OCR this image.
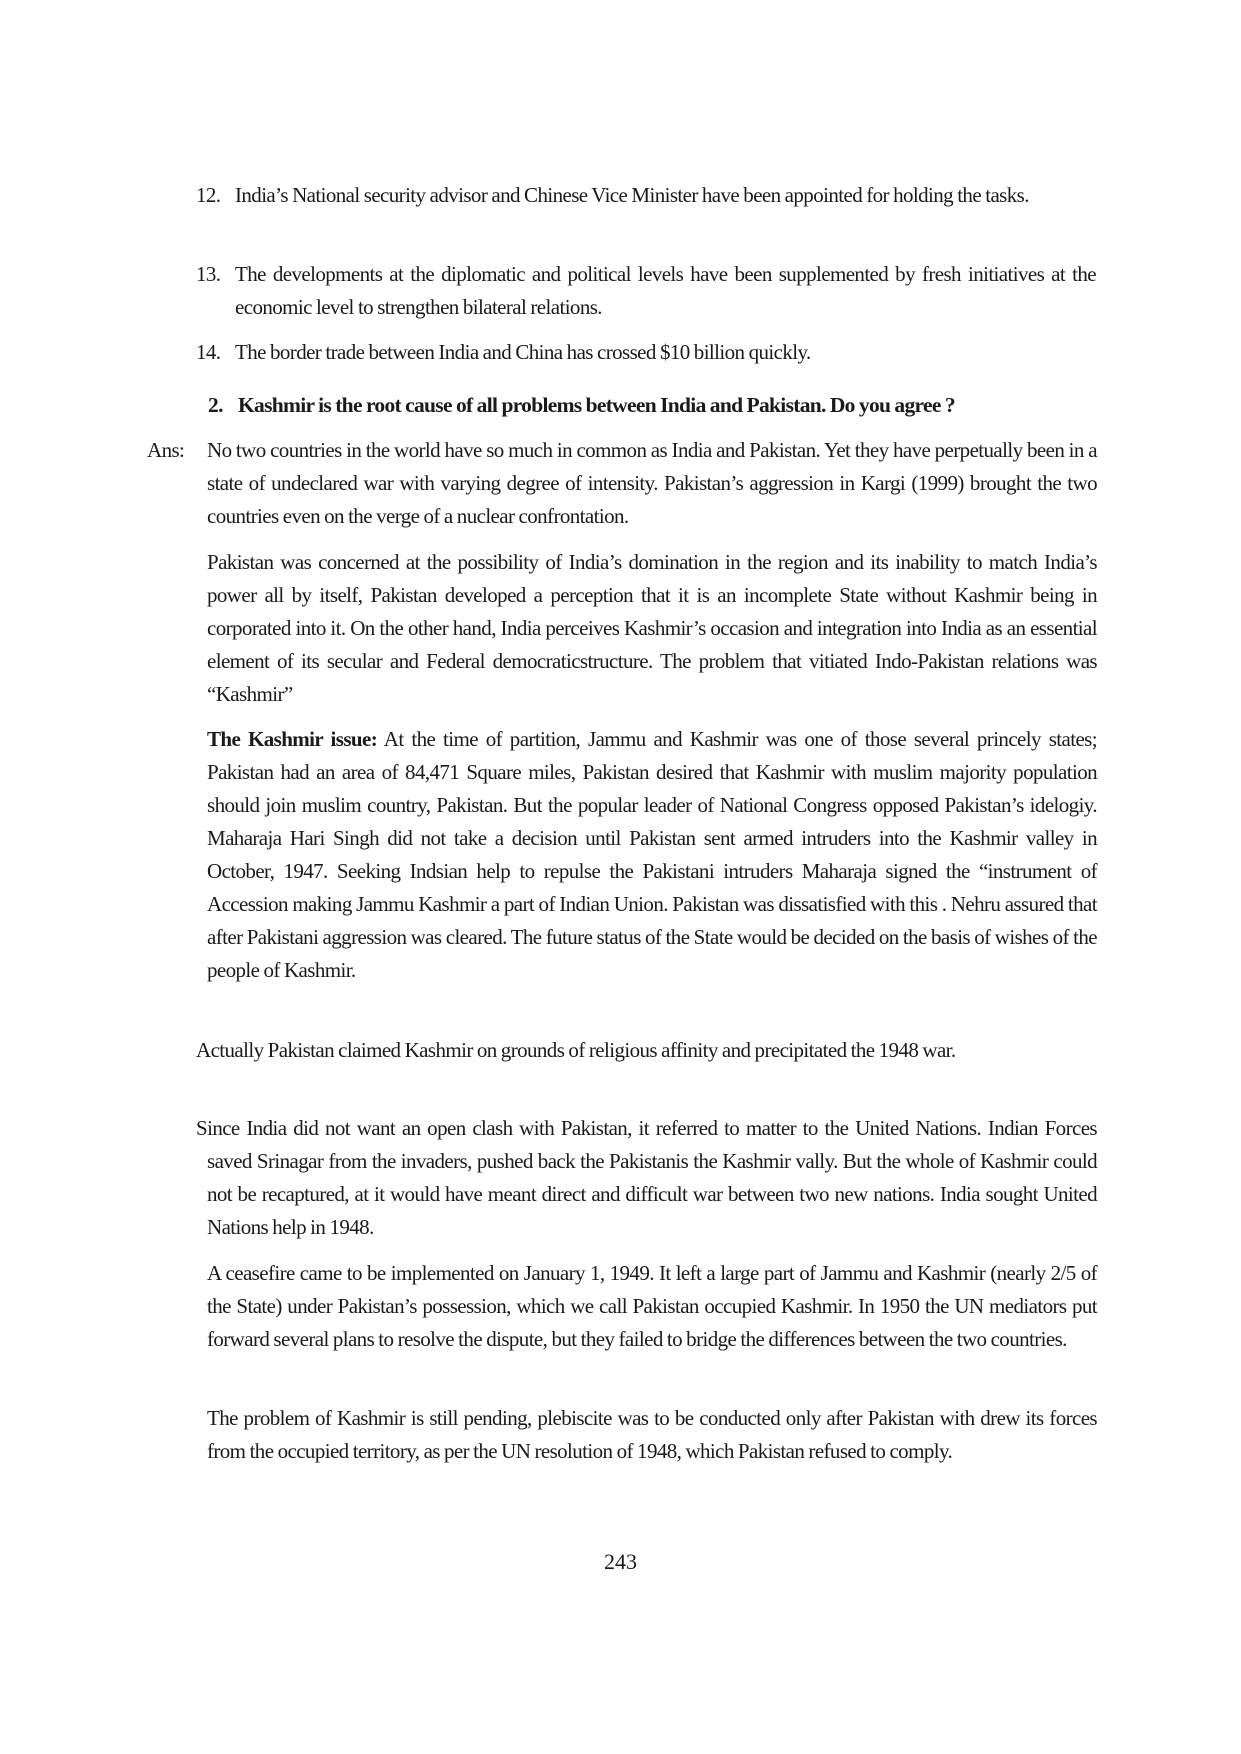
12. India’s National security advisor and Chinese Vice Minister have been appointed for holding the tasks.
13. The developments at the diplomatic and political levels have been supplemented by fresh initiatives at the economic level to strengthen bilateral relations.
14. The border trade between India and China has crossed $10 billion quickly.
2. Kashmir is the root cause of all problems between India and Pakistan. Do you agree ?
Ans: No two countries in the world have so much in common as India and Pakistan. Yet they have perpetually been in a state of undeclared war with varying degree of intensity. Pakistan’s aggression in Kargi (1999) brought the two countries even on the verge of a nuclear confrontation.
Pakistan was concerned at the possibility of India’s domination in the region and its inability to match India’s power all by itself, Pakistan developed a perception that it is an incomplete State without Kashmir being in corporated into it. On the other hand, India perceives Kashmir’s occasion and integration into India as an essential element of its secular and Federal democraticstructure. The problem that vitiated Indo-Pakistan relations was “Kashmir”
The Kashmir issue: At the time of partition, Jammu and Kashmir was one of those several princely states; Pakistan had an area of 84,471 Square miles, Pakistan desired that Kashmir with muslim majority population should join muslim country, Pakistan. But the popular leader of National Congress opposed Pakistan’s idelogiy. Maharaja Hari Singh did not take a decision until Pakistan sent armed intruders into the Kashmir valley in October, 1947. Seeking Indsian help to repulse the Pakistani intruders Maharaja signed the “instrument of Accession making Jammu Kashmir a part of Indian Union. Pakistan was dissatisfied with this . Nehru assured that after Pakistani aggression was cleared. The future status of the State would be decided on the basis of wishes of the people of Kashmir.
Actually Pakistan claimed Kashmir on grounds of religious affinity and precipitated the 1948 war.
Since India did not want an open clash with Pakistan, it referred to matter to the United Nations. Indian Forces saved Srinagar from the invaders, pushed back the Pakistanis the Kashmir vally. But the whole of Kashmir could not be recaptured, at it would have meant direct and difficult war between two new nations. India sought United Nations help in 1948.
A ceasefire came to be implemented on January 1, 1949. It left a large part of Jammu and Kashmir (nearly 2/5 of the State) under Pakistan’s possession, which we call Pakistan occupied Kashmir. In 1950 the UN mediators put forward several plans to resolve the dispute, but they failed to bridge the differences between the two countries.
The problem of Kashmir is still pending, plebiscite was to be conducted only after Pakistan with drew its forces from the occupied territory, as per the UN resolution of 1948, which Pakistan refused to comply.
243
